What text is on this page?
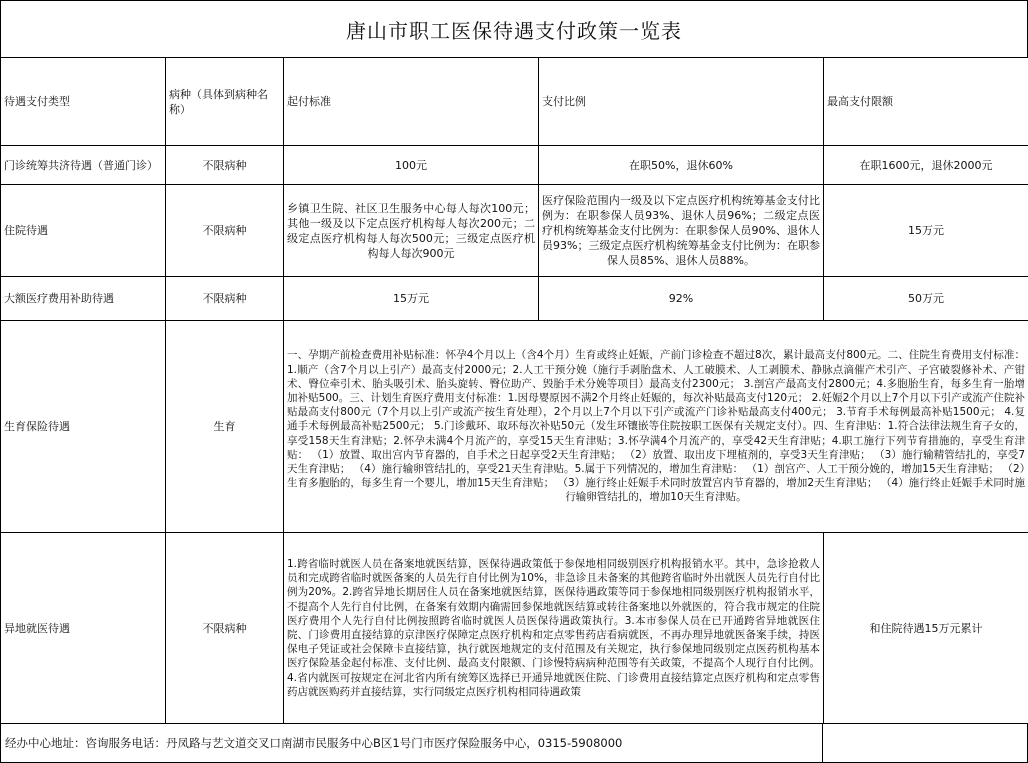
唐山市职工医保待遇支付政策一览表
待遇支付类型	病种（具体到病种名称）	起付标准	支付比例	最高支付限额
门诊统筹共济待遇（普通门诊）	不限病种	100元	在职50%，退休60%	在职1600元，退休2000元
住院待遇	不限病种	乡镇卫生院、社区卫生服务中心每人每次100元；其他一级及以下定点医疗机构每人每次200元；二级定点医疗机构每人每次500元；三级定点医疗机构每人每次900元	医疗保险范围内一级及以下定点医疗机构统筹基金支付比例为：在职参保人员93%、退休人员96%；二级定点医疗机构统筹基金支付比例为：在职参保人员90%、退休人员93%；三级定点医疗机构统筹基金支付比例为：在职参保人员85%、退休人员88%。	15万元
大额医疗费用补助待遇	不限病种	15万元	92%	50万元
生育保险待遇	生育	一、孕期产前检查费用补贴标准：怀孕4个月以上（含4个月）生育或终止妊娠，产前门诊检查不超过8次，累计最高支付800元。二、住院生育费用支付标准：1.顺产（含7个月以上引产）最高支付2000元；2.人工干预分娩（施行手剥胎盘术、人工破膜术、人工剥膜术、静脉点滴催产术引产、子宫破裂修补术、产钳术、臀位牵引术、胎头吸引术、胎头旋转、臀位助产、毁胎手术分娩等项目）最高支付2300元； 3.剖宫产最高支付2800元；4.多胞胎生育，每多生育一胎增加补贴500。三、计划生育医疗费用支付标准：1.因母婴原因不满2个月终止妊娠的，每次补贴最高支付120元； 2.妊娠2个月以上7个月以下引产或流产住院补贴最高支付800元（7个月以上引产或流产按生育处理），2个月以上7个月以下引产或流产门诊补贴最高支付400元； 3.节育手术每例最高补贴1500元； 4.复通手术每例最高补贴2500元； 5.门诊戴环、取环每次补贴50元（发生环镶嵌等住院按职工医保有关规定支付）。四、生育津贴：1.符合法律法规生育子女的，享受158天生育津贴；2.怀孕未满4个月流产的，享受15天生育津贴；3.怀孕满4个月流产的，享受42天生育津贴；4.职工施行下列节育措施的，享受生育津贴： （1）放置、取出宫内节育器的，自手术之日起享受2天生育津贴； （2）放置、取出皮下埋植剂的，享受3天生育津贴； （3）施行输精管结扎的，享受7天生育津贴； （4）施行输卵管结扎的，享受21天生育津贴。5.属于下列情况的，增加生育津贴： （1）剖宫产、人工干预分娩的，增加15天生育津贴； （2）生育多胞胎的，每多生育一个婴儿，增加15天生育津贴； （3）施行终止妊娠手术同时放置宫内节育器的，增加2天生育津贴； （4）施行终止妊娠手术同时施行输卵管结扎的，增加10天生育津贴。		
异地就医待遇	不限病种	1.跨省临时就医人员在备案地就医结算，医保待遇政策低于参保地相同级别医疗机构报销水平。其中，急诊抢救人员和完成跨省临时就医备案的人员先行自付比例为10%，非急诊且未备案的其他跨省临时外出就医人员先行自付比例为20%。2.跨省异地长期居住人员在备案地就医结算，医保待遇政策等同于参保地相同级别医疗机构报销水平，不提高个人先行自付比例，在备案有效期内确需回参保地就医结算或转往备案地以外就医的，符合我市规定的住院医疗费用个人先行自付比例按照跨省临时就医人员医保待遇政策执行。3.本市参保人员在已开通跨省异地就医住院、门诊费用直接结算的京津医疗保障定点医疗机构和定点零售药店看病就医，不再办理异地就医备案手续，持医保电子凭证或社会保障卡直接结算，执行就医地规定的支付范围及有关规定，执行参保地同级别定点医药机构基本医疗保险基金起付标准、支付比例、最高支付限额、门诊慢特病病种范围等有关政策，不提高个人现行自付比例。4.省内就医可按规定在河北省内所有统筹区选择已开通异地就医住院、门诊费用直接结算定点医疗机构和定点零售药店就医购药并直接结算，实行同级定点医疗机构相同待遇政策		和住院待遇15万元累计
经办中心地址：咨询服务电话：丹凤路与艺文道交叉口南湖市民服务中心B区1号门市医疗保险服务中心，0315-5908000
